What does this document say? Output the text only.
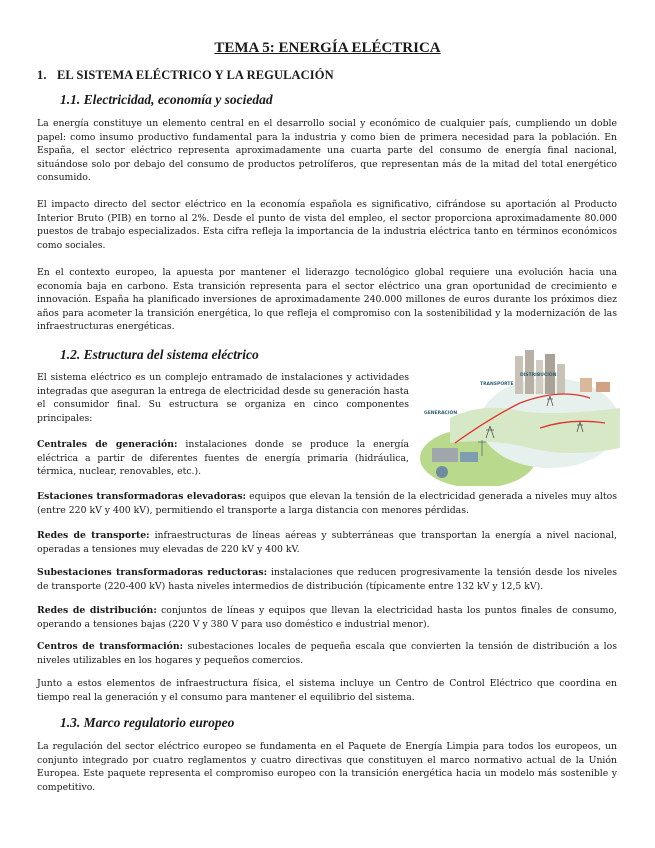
TEMA 5: ENERGÍA ELÉCTRICA
1. EL SISTEMA ELÉCTRICO Y LA REGULACIÓN
1.1. Electricidad, economía y sociedad

La energía constituye un elemento central en el desarrollo social y económico de cualquier país, cumpliendo un doble papel: como insumo productivo fundamental para la industria y como bien de primera necesidad para la población. En España, el sector eléctrico representa aproximadamente una cuarta parte del consumo de energía final nacional, situándose solo por debajo del consumo de productos petrolíferos, que representan más de la mitad del total energético consumido.

El impacto directo del sector eléctrico en la economía española es significativo, cifrándose su aportación al Producto Interior Bruto (PIB) en torno al 2%. Desde el punto de vista del empleo, el sector proporciona aproximadamente 80.000 puestos de trabajo especializados. Esta cifra refleja la importancia de la industria eléctrica tanto en términos económicos como sociales.

En el contexto europeo, la apuesta por mantener el liderazgo tecnológico global requiere una evolución hacia una economía baja en carbono. Esta transición representa para el sector eléctrico una gran oportunidad de crecimiento e innovación. España ha planificado inversiones de aproximadamente 240.000 millones de euros durante los próximos diez años para acometer la transición energética, lo que refleja el compromiso con la sostenibilidad y la modernización de las infraestructuras energéticas.

1.2. Estructura del sistema eléctrico

El sistema eléctrico es un complejo entramado de instalaciones y actividades integradas que aseguran la entrega de electricidad desde su generación hasta el consumidor final. Su estructura se organiza en cinco componentes principales:

Centrales de generación: instalaciones donde se produce la energía eléctrica a partir de diferentes fuentes de energía primaria (hidráulica, térmica, nuclear, renovables, etc.).

Estaciones transformadoras elevadoras: equipos que elevan la tensión de la electricidad generada a niveles muy altos (entre 220 kV y 400 kV), permitiendo el transporte a larga distancia con menores pérdidas.

Redes de transporte: infraestructuras de líneas aéreas y subterráneas que transportan la energía a nivel nacional, operadas a tensiones muy elevadas de 220 kV y 400 kV.

Subestaciones transformadoras reductoras: instalaciones que reducen progresivamente la tensión desde los niveles de transporte (220-400 kV) hasta niveles intermedios de distribución (típicamente entre 132 kV y 12,5 kV).

Redes de distribución: conjuntos de líneas y equipos que llevan la electricidad hasta los puntos finales de consumo, operando a tensiones bajas (220 V y 380 V para uso doméstico e industrial menor).

Centros de transformación: subestaciones locales de pequeña escala que convierten la tensión de distribución a los niveles utilizables en los hogares y pequeños comercios.

Junto a estos elementos de infraestructura física, el sistema incluye un Centro de Control Eléctrico que coordina en tiempo real la generación y el consumo para mantener el equilibrio del sistema.

1.3. Marco regulatorio europeo

La regulación del sector eléctrico europeo se fundamenta en el Paquete de Energía Limpia para todos los europeos, un conjunto integrado por cuatro reglamentos y cuatro directivas que constituyen el marco normativo actual de la Unión Europea. Este paquete representa el compromiso europeo con la transición energética hacia un modelo más sostenible y competitivo.

GENERACIÓN
TRANSPORTE
DISTRIBUCIÓN
